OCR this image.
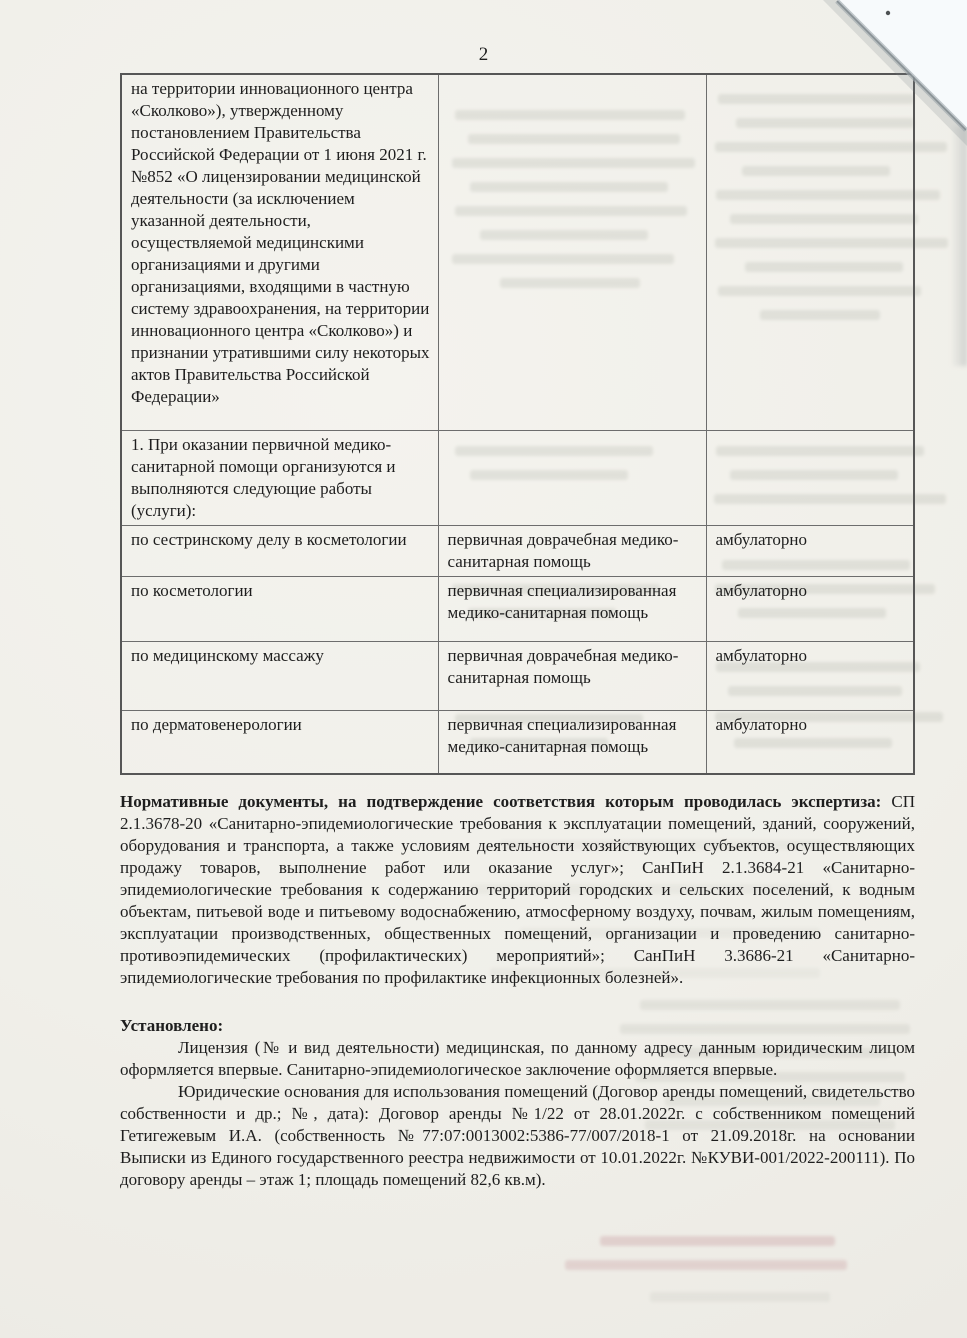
2
на территории инновационного центра «Сколково»), утвержденному постановлением Правительства Российской Федерации от 1 июня 2021 г. №852 «О лицензировании медицинской деятельности (за исключением указанной деятельности, осуществляемой медицинскими организациями и другими организациями, входящими в частную систему здравоохранения, на территории инновационного центра «Сколково») и признании утратившими силу некоторых актов Правительства Российской Федерации»		
1. При оказании первичной медико-санитарной помощи организуются и выполняются следующие работы (услуги):		
по сестринскому делу в косметологии	первичная доврачебная медико-санитарная помощь	амбулаторно
по косметологии	первичная специализированная медико-санитарная помощь	амбулаторно
по медицинскому массажу	первичная доврачебная медико-санитарная помощь	амбулаторно
по дерматовенерологии	первичная специализированная медико-санитарная помощь	амбулаторно

Нормативные документы, на подтверждение соответствия которым проводилась экспертиза: СП 2.1.3678-20 «Санитарно-эпидемиологические требования к эксплуатации помещений, зданий, сооружений, оборудования и транспорта, а также условиям деятельности хозяйствующих субъектов, осуществляющих продажу товаров, выполнение работ или оказание услуг»; СанПиН 2.1.3684-21 «Санитарно-эпидемиологические требования к содержанию территорий городских и сельских поселений, к водным объектам, питьевой воде и питьевому водоснабжению, атмосферному воздуху, почвам, жилым помещениям, эксплуатации производственных, общественных помещений, организации и проведению санитарно-противоэпидемических (профилактических) мероприятий»; СанПиН 3.3686-21 «Санитарно-эпидемиологические требования по профилактике инфекционных болезней».

Установлено:

Лицензия (№ и вид деятельности) медицинская, по данному адресу данным юридическим лицом оформляется впервые. Санитарно-эпидемиологическое заключение оформляется впервые.

Юридические основания для использования помещений (Договор аренды помещений, свидетельство собственности и др.; №, дата): Договор аренды №1/22 от 28.01.2022г. с собственником помещений Гетигежевым И.А. (собственность №77:07:0013002:5386-77/007/2018-1 от 21.09.2018г. на основании Выписки из Единого государственного реестра недвижимости от 10.01.2022г. №КУВИ-001/2022-200111). По договору аренды – этаж 1; площадь помещений 82,6 кв.м).
